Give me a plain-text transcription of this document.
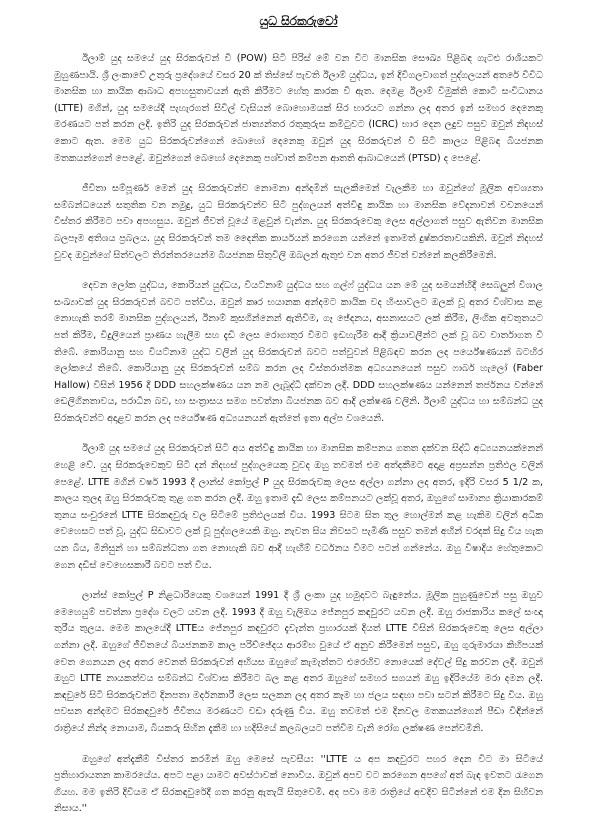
යුධ සිරකරුවෝ

ඊලාම් යුද සමයේ යුද සිරකරුවන් වී (POW) සිටි පිරිස් මේ වන විට මානසික සෞඛ්‍ය පිළිබඳ ගැටළු රාශියකට මුහුණපායි. ශ්‍රී ලංකාවේ උතුරු ප්‍රදේශයේ වසර 20 ක් තිස්සේ පැවති ඊලාම් යුද්ධය, ඉන් දිවිගලවාගත් පුද්ගලයන් අතරේ විවිධ මානසික හා කායික ආබාධ අපහසුතාවයන් ඇති කිරීමට හේතු කාරක වී ඇත. දෙමළ ඊලාම් විමුක්ති කොටි සංවිධානය (LTTE) මගින්, යුද සමයේදී පැහැරගත් සිවිල් වැසියන් බොහොමයක් සිර භාරයට ගන්නා ලද අතර ඉන් සමහර දෙනෙකු මරණයට පත් කරන ලදි. ඉතිරි යුද සිරකරුවන් ජාත්‍යන්තර රතුකුරුස කමිටුවට (ICRC) භාර දෙන ලදුව පසුව ඔවුන් නිදහස් කොට ඇත. මෙම යුධ සිරකරුවන්ගෙන් බොහෝ දෙනෙකු ඔවුන් යුද සිරකරුවන් වී සිටි කාලය පිළිබඳ බියජනක මතකයන්ගෙන් පෙළේ. ඔවුන්ගෙන් බෙහෝ දෙනෙකු පශ්චාත් කම්පන ආතති ආබාධයෙන් (PTSD) ද පෙළේ.

ජීවිතා සම්පූර්ණ මෙන් යුද සිරකරුවන්ව නොමනා අන්දමින් සැලකීමෙන් වැලකීම හා ඔවුන්ගේ මූලික අවශ්‍යතා සම්බන්ධයෙන් සතුතික වන නමුදු, යුධ සිරකරුවන්ව සිටි පුද්ගලයන් අත්විඳු කායික හා මානසික වේදනාවන් වචනයෙන් විස්තර කිරීමට පවා අපහසුය. ඔවුන් ජීවත් වූයේ මළවුන් වැන්න. යුද සිරකරුවෙකු ලෙස අල්ලාගත් පසුව ඇතිවන මානසික බලපෑම අතිශය ප්‍රබලය. යුද සිරකරුවන් තම දෛනික කාර්යයන් කරගෙන යන්නේ ඉතාමත් දුෂ්කරතාවයකිනි. ඔවුන් නිදහස් වුවද ඔවුන්ගේ සිත්වලට තිරන්තරයෙන්ම බියජනක සිතුවිලි ඔබලන් ඇතුළු වන අතර ජීවත් වන්නේ කලකිරීමෙනි.

දෙවන ලෝක යුද්ධය, කොරියන් යුද්ධය, වියට්නාම් යුද්ධය සහ ගල්ෆ් යුද්ධය යන මේ යුද සමයන්හිදී සෙබලුන් විශාල සංඛ්‍යාවක් යුද සිරකරුවන් බවට පත්විය. ඔවුන් ක්‍රුර භයානක අන්දමට කායික වද හිංසාවලට ඔලක් වූ අතර විශ්වාස කළ නොහැකි තරම් මානසික පුද්ගලයන්, ඊනාම් කුසගින්නෙන් ඇතිවීම, ගෑ ඡේදනය, අසනාසයට ලක් කිරීම, ලිංගික අවතුතයට පත් කිරීම, විදුලියෙන් ප්‍රාණය හැලීම සහ දැඩි ලෙස රොගාතුර වීමට ඉඩහැරීම ආදී ක්‍රියාවලීන්ට ලක් වූ බව වාර්තාගත වී තිබේ. කොරියානු සහ වියට්නාම යුද්ධ වලින් යුද සිරකරුවන් බවට පත්වුවන් පිළිබඳව කරන ලද පර්යේෂණයන් බටහිර ලෝකයේ තිබේ. කොරියානු යුද සිරකරුවන් සම්බ කරන ලද විස්තරාත්මක අධ්‍යයනයෙන් පසුව ෆාබර් හැලෝ (Faber Hallow) විසින් 1956 දී DDD සහලක්ෂණය යන නම ලැබූද්ධී දක්වන ලදී. DDD සහලක්ෂණය යන්නෙන් තර්ජනය වන්නේ ඩෙලිගිනතාවය, පරාධීන බව, භා සංත්‍රාසය සමග පවත්නා බියජනක බව ආදි ලක්ෂණ වලිනි. ඊලාම් යුද්ධය හා සම්බන්ධ යුද සිරකරුවන්ට අදාළව කරන ලද පර්යේෂණ අධ්‍යයනයන් ඇත්තේ ඉතා අල්ප වශයෙනි.

ඊලාම් යුද සමයේ යුද සිරකරුවන් සිටි අය අත්විඳු කායික හා මානසික කම්පනය ගතත දක්වන සිද්ධි අධ්‍යයනයක්නෙන් හෙළි වේ. යුද සිරකරුවෙකුව සිටි දන් නිදහස් පුද්ගලයෙකු වුවද ඔහු තවමත් එම අත්දකීමට අදාළ අප්‍රසන්න ප්‍රතිඵල වලින් පෙළේ. LTTE මගින් වර්ෂ 1993 දී ලාන්ස් කෝප්‍රල් P යුද සිරකරුවකු ලෙස අල්ලා ගන්නා ලද අතර, ඉදිරි වසර 5 1/2 ක, කාලය තුලද ඔහු සිරකරුවකු තුළ ගත කරන ලදී. ඔහු ඉතාම දැඩි ලෙස කම්පනයට ලක්වූ අතර, ඔහුගේ සාමාන්‍ය ක්‍රියාකාරකම් තුනය සංචුරනේ LTTE සිරකඳවුරු වල සිටීමේ ප්‍රතිඵලයක් විය. 1993 සිටම සිත තුල හොල්මන් කළ හැකිම වලින් අධික වෙහෙසට පත් වූ, යුද්ධ සිඩාවට ලක් වූ පුද්ගලයෙකි ඔහු. නැවත සිය නිවසට පැමිණි පසුව තමන් අහින් වරදක් සිදු විය හැක යන බිය, මිනිසුන් හා සම්බන්ධතා ගත නොහැකි බව ආදී හැඟීම් වර්ධනය වීමට පටන් ගන්නේය. ඔහු විෂාදිය හේතුකොට ගෙන දඩිස් වෙහෙසකාරී බවට පත් විය.

ලාන්ස් කෝප්‍රල් P නිළධාරියෙකු වශයෙන් 1991 දී ශ්‍රී ලංකා යුද හමුදාවට බැඳුනේය. මූලික පුහුණුවෙන් පසු ඔහුව මෙහෙයුම් පවත්නා ප්‍රදේශ වලට යවන ලදී. 1993 දී ඔහු වැලිඔය ජේනපුර කඳවුරට යවන ලදී. ඔහු රාජකාරිය කලේ සංඥා තුරීය තුලය. මෙම කාලයේදී LTTEය ජේනපුර කඳවුරට දැවැන්ත ප්‍රහාරයක් දියත් LTTE විසින් සිරකරුවෙකු ලෙස අල්ලා ගන්නා ලදී. ඔහුගේ ජීවිතයේ බියජනකම කාල පරිච්ඡේදය ආරම්භ වුයේ ඒ අනුව කිරීමෙන් පසුව, ඔහු ගුරුමාරයා කිහිපයක් වෙත ගෙනයන ලද අතර වෙනත් සිරකරුවන් අභියස ඔහුගේ කැමැත්තට එරෙහිව නොයෙක් දේවල් සිදු කරවන ලදී. ඔවුන් ඔහුට LTTE නායකත්වය සම්බන්ධ විශ්වාස කිරීමට බල කළ අතර ඔහුගේ සමහර සගයන් ඔහු ඉදිරියේම මරා දමන ලදී. කඳවුරේ සිටි සිරකරුවන්ට දිනපතා මර්දනකාරී ලෙස සලකන ලද අතර කෑම හා ජලය සඳහා පවා සටන් කිරීමට සිදු විය. ඔහු පවසන අන්දමට සිරකඳවුරේ ජීවිතය මරණයට වඩා දරුණු විය. ඔහු තවමත් එම දිනවල මතකයන්ගෙන් පීඩා විඳින්නේ රාත්‍රියේ නින්ද නොයාම, බියකරු සිහින දැකීම හා හදිසියේ කලබලයට පත්වීම වැනි රෝග ලක්ෂණ පෙන්වමිනි.

ඔහුගේ අත්දැකීම් විස්තර කරමින් ඔහු මෙසේ පැවසීය: ''LTTE ය අප කඳවුරට පහර දෙන විට මා සිටියේ ප්‍රතිහාරායතන කාමරයේය. අපට පළා යාමට අවස්ථාවක් නොවීය. ඔවුන් අපව වට කරගෙන අපගේ අත් බැඳ ඉවතට රැගෙන ගියහ. මම ඉතිරි දිවියම ඒ සිරකඳවුරේදී ගත කරනු ඇතැයි සිතුවෙමි. අද පවා මම රාත්‍රියේ අවදිව සිටින්නේ එම දින සිහිවන නිසාය.''
